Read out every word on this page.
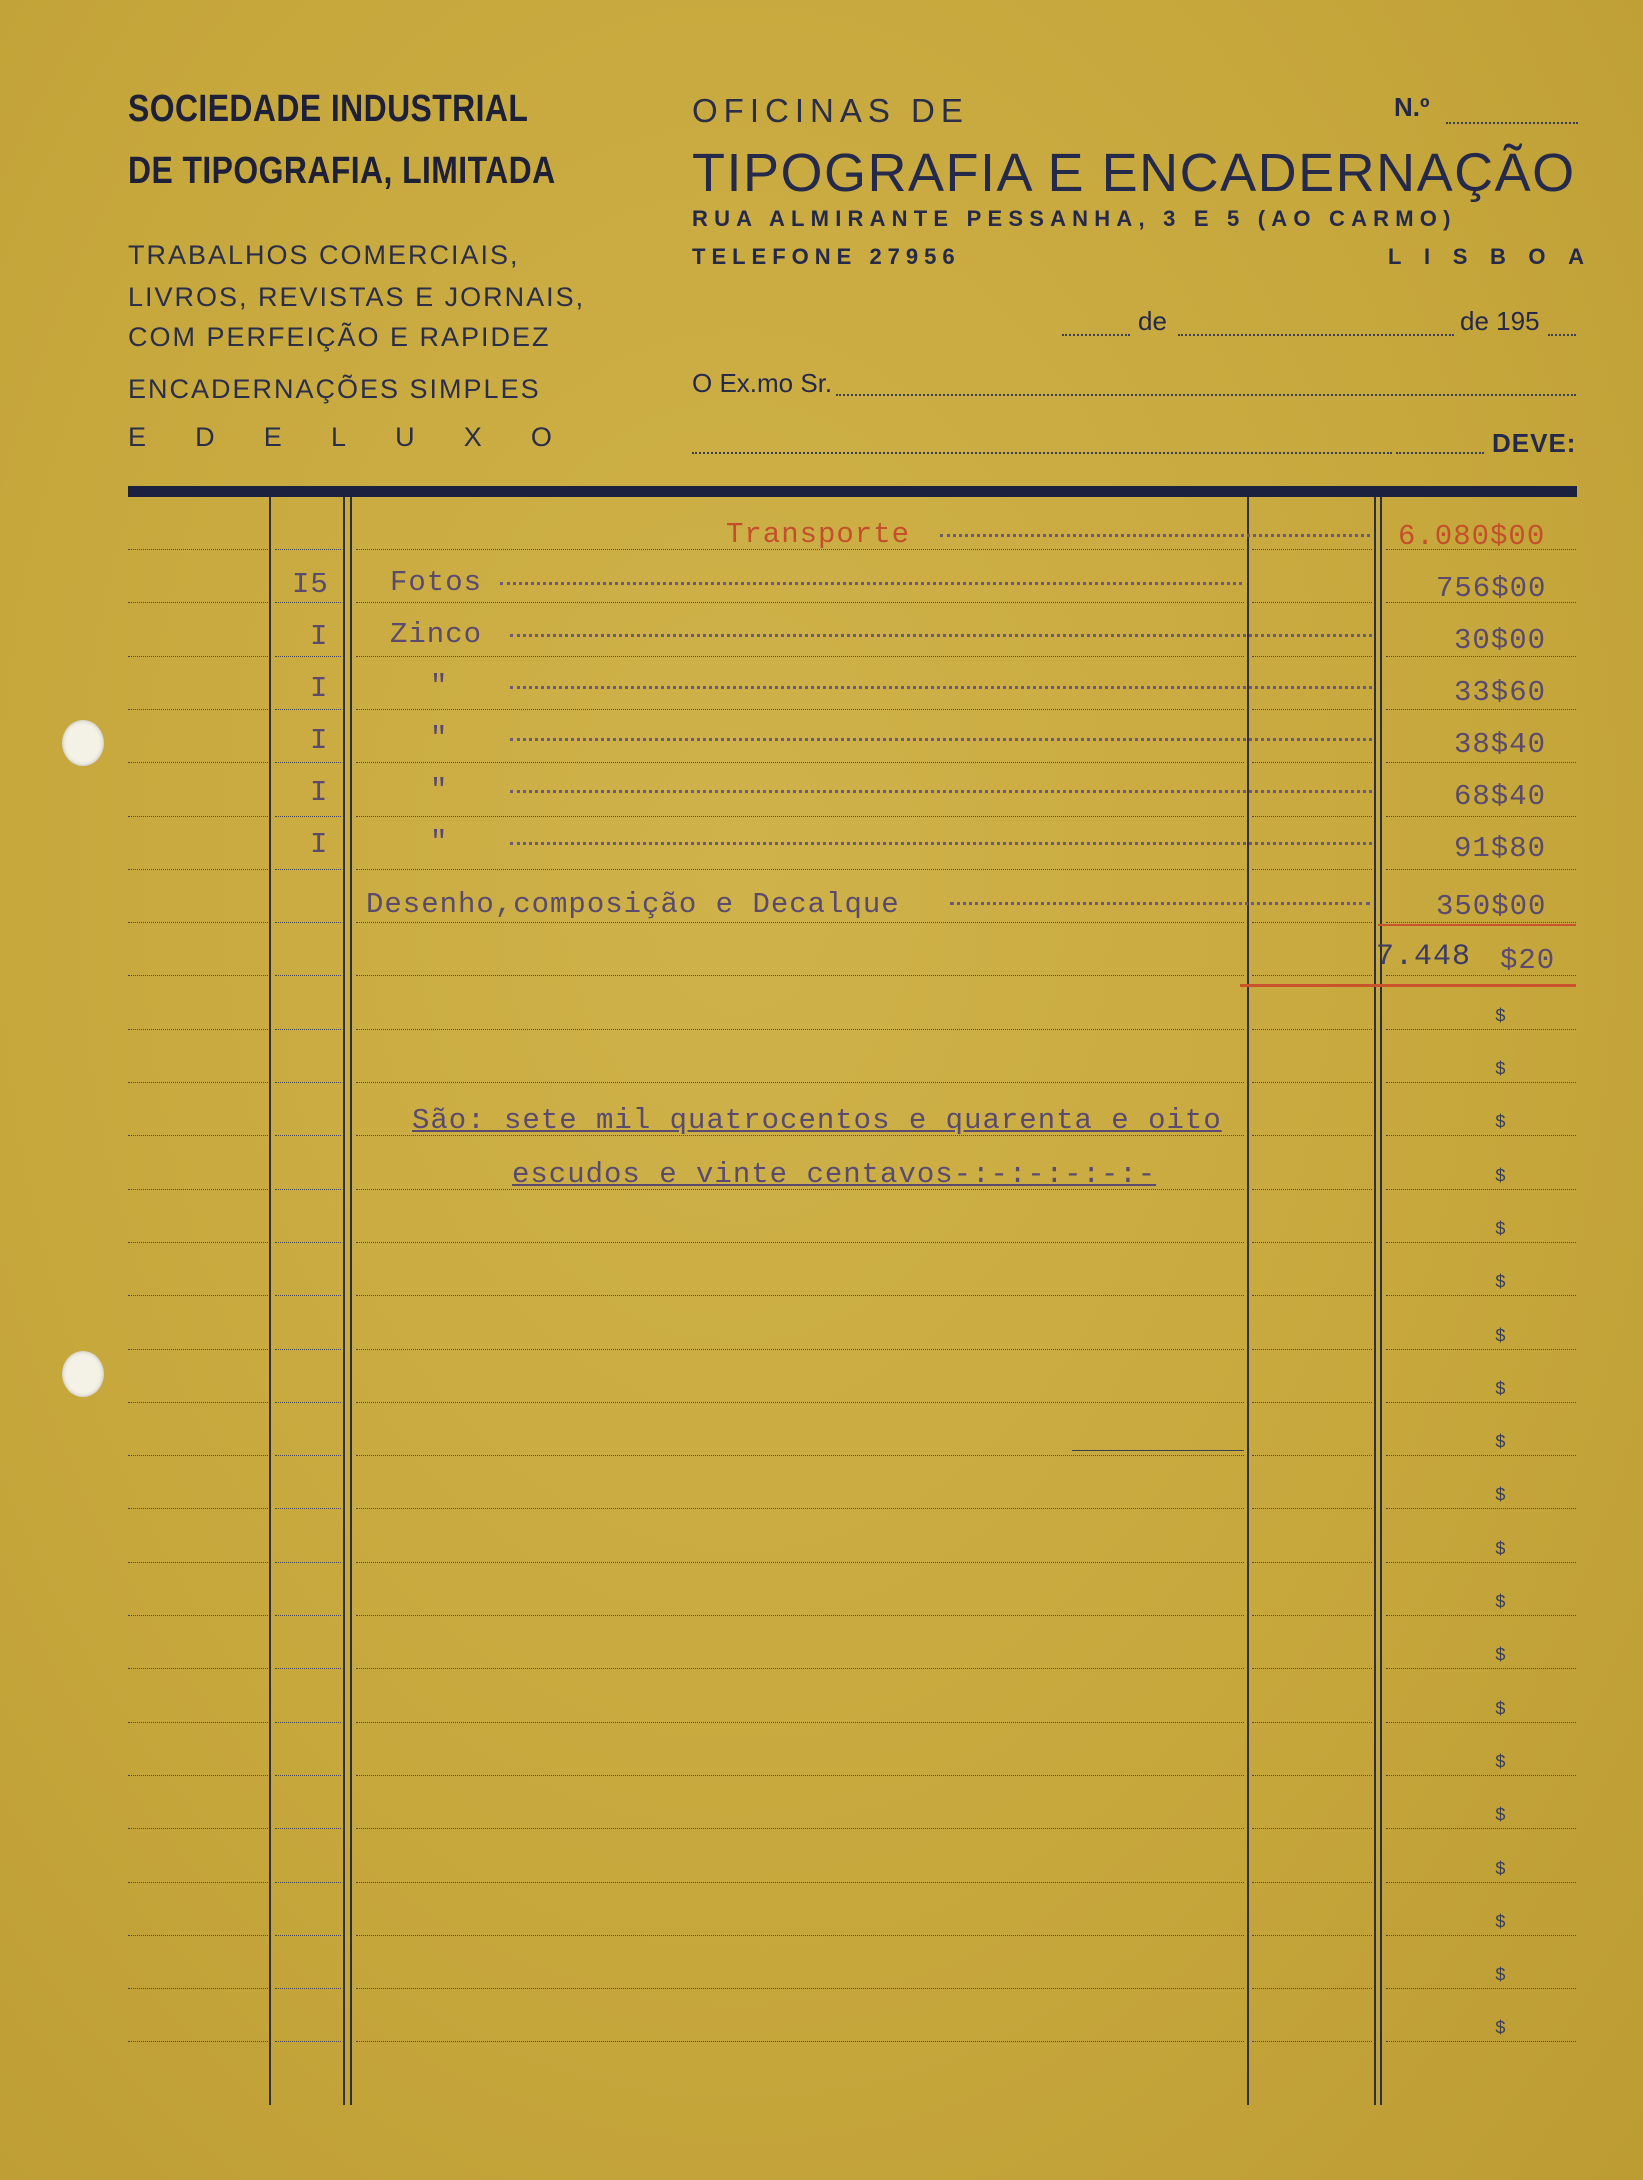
SOCIEDADE INDUSTRIAL
DE TIPOGRAFIA, LIMITADA
TRABALHOS COMERCIAIS,
LIVROS, REVISTAS E JORNAIS,
COM PERFEIÇÃO E RAPIDEZ
ENCADERNAÇÕES SIMPLES
E D E L U X O
OFICINAS DE
TIPOGRAFIA E ENCADERNAÇÃO
RUA ALMIRANTE PESSANHA, 3 E 5 (AO CARMO)
TELEFONE 27956	L I S B O A
N.º
de	de 195
O Ex.mo Sr.
DEVE:
Transporte	6.080$00
I5 Fotos	756$00
I Zinco	30$00
I	"	33$60
I	"	38$40
I	"	68$40
I	"	91$80
Desenho,composição e Decalque	350$00
7.448 $20
São: sete mil quatrocentos e quarenta e oito
escudos e vinte centavos-:-:-:-:-:-
$
$
$
$
$
$
$
$
$
$
$
$
$
$
$
$
$
$
$
$
